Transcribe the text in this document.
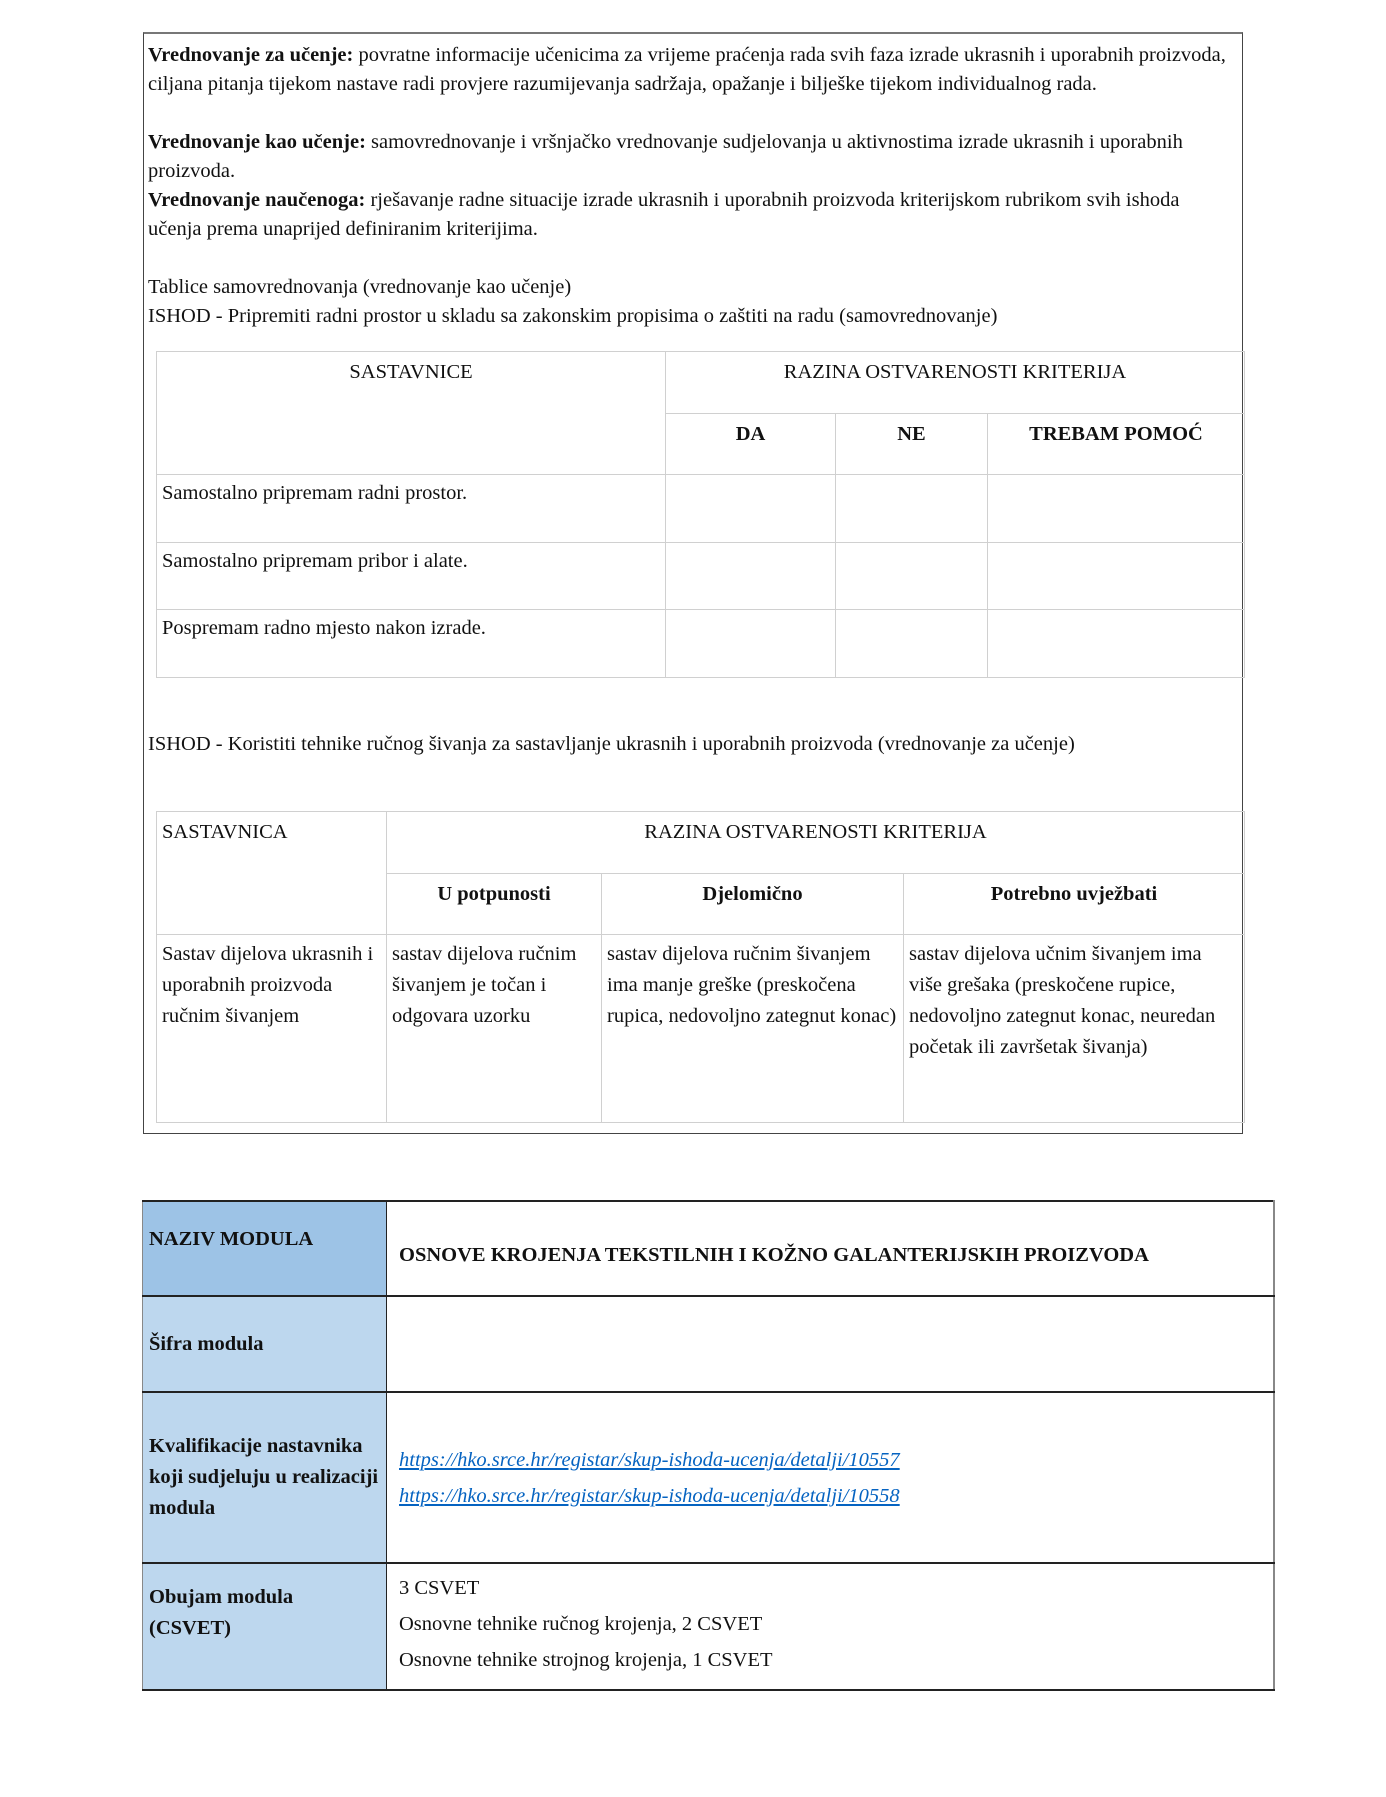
Vrednovanje za učenje: povratne informacije učenicima za vrijeme praćenja rada svih faza izrade ukrasnih i uporabnih proizvoda, ciljana pitanja tijekom nastave radi provjere razumijevanja sadržaja, opažanje i bilješke tijekom individualnog rada.
Vrednovanje kao učenje: samovrednovanje i vršnjačko vrednovanje sudjelovanja u aktivnostima izrade ukrasnih i uporabnih proizvoda.
Vrednovanje naučenoga: rješavanje radne situacije izrade ukrasnih i uporabnih proizvoda kriterijskom rubrikom svih ishoda učenja prema unaprijed definiranim kriterijima.
Tablice samovrednovanja (vrednovanje kao učenje)
ISHOD - Pripremiti radni prostor u skladu sa zakonskim propisima o zaštiti na radu (samovrednovanje)
SASTAVNICE	RAZINA OSTVARENOSTI KRITERIJA		
	DA	NE	TREBAM POMOĆ
Samostalno pripremam radni prostor.			
Samostalno pripremam pribor i alate.			
Pospremam radno mjesto nakon izrade.			
ISHOD - Koristiti tehnike ručnog šivanja za sastavljanje ukrasnih i uporabnih proizvoda (vrednovanje za učenje)
SASTAVNICA	RAZINA OSTVARENOSTI KRITERIJA		
	U potpunosti	Djelomično	Potrebno uvježbati
Sastav dijelova ukrasnih i uporabnih proizvoda ručnim šivanjem	sastav dijelova ručnim šivanjem je točan i odgovara uzorku	sastav dijelova ručnim šivanjem ima manje greške (preskočena rupica, nedovoljno zategnut konac)	sastav dijelova učnim šivanjem ima više grešaka (preskočene rupice, nedovoljno zategnut konac, neuredan početak ili završetak šivanja)
NAZIV MODULA	OSNOVE KROJENJA TEKSTILNIH I KOŽNO GALANTERIJSKIH PROIZVODA
Šifra modula	
Kvalifikacije nastavnika koji sudjeluju u realizaciji modula	https://hko.srce.hr/registar/skup-ishoda-ucenja/detalji/10557
https://hko.srce.hr/registar/skup-ishoda-ucenja/detalji/10558

Obujam modula (CSVET)	3 CSVET
Osnovne tehnike ručnog krojenja, 2 CSVET
Osnovne tehnike strojnog krojenja, 1 CSVET
